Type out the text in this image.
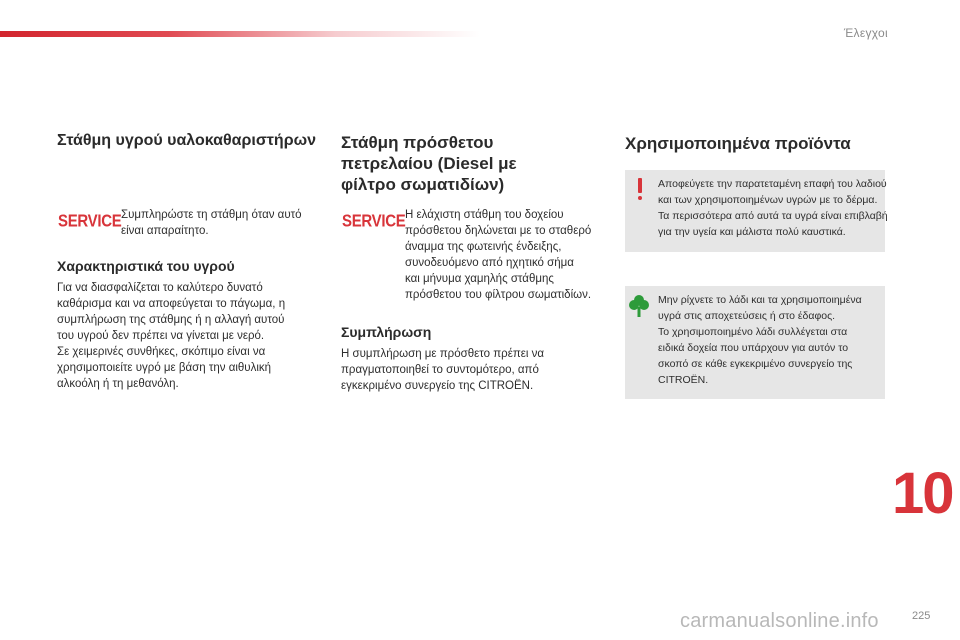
Έλεγχοι
Στάθμη υγρού υαλοκαθαριστήρων
SERVICE Συμπληρώστε τη στάθμη όταν αυτό
είναι απαραίτητο.
Χαρακτηριστικά του υγρού
Για να διασφαλίζεται το καλύτερο δυνατό
καθάρισμα και να αποφεύγεται το πάγωμα, η
συμπλήρωση της στάθμης ή η αλλαγή αυτού
του υγρού δεν πρέπει να γίνεται με νερό.
Σε χειμερινές συνθήκες, σκόπιμο είναι να
χρησιμοποιείτε υγρό με βάση την αιθυλική
αλκοόλη ή τη μεθανόλη.
Στάθμη πρόσθετου
πετρελαίου (Diesel με
φίλτρο σωματιδίων)
SERVICE Η ελάχιστη στάθμη του δοχείου
πρόσθετου δηλώνεται με το σταθερό
άναμμα της φωτεινής ένδειξης,
συνοδευόμενο από ηχητικό σήμα
και μήνυμα χαμηλής στάθμης
πρόσθετου του φίλτρου σωματιδίων.
Συμπλήρωση
Η συμπλήρωση με πρόσθετο πρέπει να
πραγματοποιηθεί το συντομότερο, από
εγκεκριμένο συνεργείο της CITROËN.
Χρησιμοποιημένα προϊόντα
Αποφεύγετε την παρατεταμένη επαφή του λαδιού
και των χρησιμοποιημένων υγρών με το δέρμα.
Τα περισσότερα από αυτά τα υγρά είναι επιβλαβή
για την υγεία και μάλιστα πολύ καυστικά.
Μην ρίχνετε το λάδι και τα χρησιμοποιημένα
υγρά στις αποχετεύσεις ή στο έδαφος.
Το χρησιμοποιημένο λάδι συλλέγεται στα
ειδικά δοχεία που υπάρχουν για αυτόν το
σκοπό σε κάθε εγκεκριμένο συνεργείο της
CITROËN.
10
carmanualsonline.info	225
